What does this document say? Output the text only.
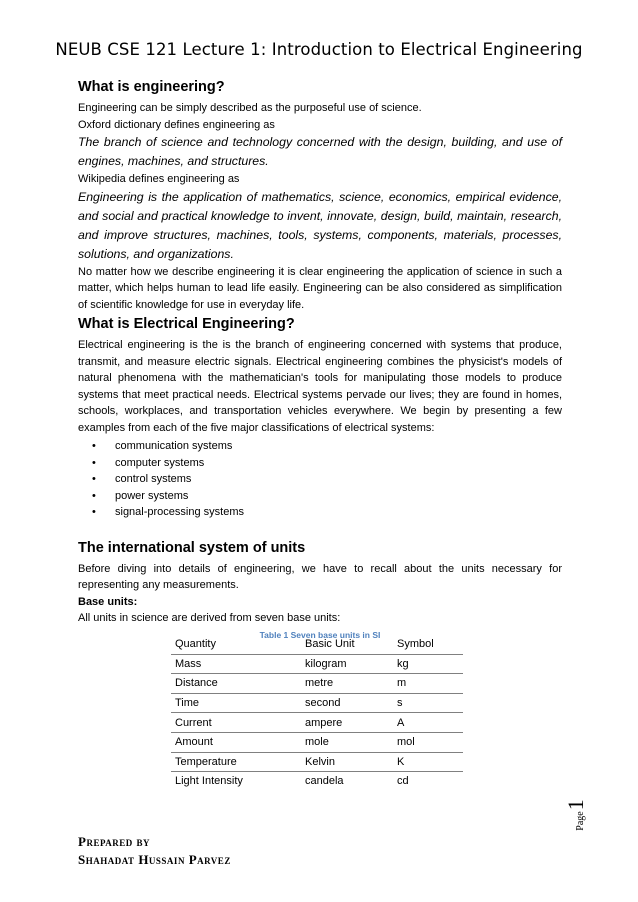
NEUB CSE 121 Lecture 1: Introduction to Electrical Engineering
What is engineering?

Engineering can be simply described as the purposeful use of science.

Oxford dictionary defines engineering as

The branch of science and technology concerned with the design, building, and use of engines, machines, and structures.

Wikipedia defines engineering as

Engineering is the application of mathematics, science, economics, empirical evidence, and social and practical knowledge to invent, innovate, design, build, maintain, research, and improve structures, machines, tools, systems, components, materials, processes, solutions, and organizations.

No matter how we describe engineering it is clear engineering the application of science in such a matter, which helps human to lead life easily. Engineering can be also considered as simplification of scientific knowledge for use in everyday life.

What is Electrical Engineering?

Electrical engineering is the is the branch of engineering concerned with systems that produce, transmit, and measure electric signals. Electrical engineering combines the physicist's models of natural phenomena with the mathematician's tools for manipulating those models to produce systems that meet practical needs. Electrical systems pervade our lives; they are found in homes, schools, workplaces, and transportation vehicles everywhere. We begin by presenting a few examples from each of the five major classifications of electrical systems:

• communication systems
• computer systems
• control systems
• power systems
• signal-processing systems
The international system of units

Before diving into details of engineering, we have to recall about the units necessary for representing any measurements.

Base units:

All units in science are derived from seven base units:

Table 1 Seven base units in SI
Quantity	Basic Unit	Symbol
Mass	kilogram	kg
Distance	metre	m
Time	second	s
Current	ampere	A
Amount	mole	mol
Temperature	Kelvin	K
Light Intensity	candela	cd
Page
1
Prepared by
Shahadat Hussain Parvez
